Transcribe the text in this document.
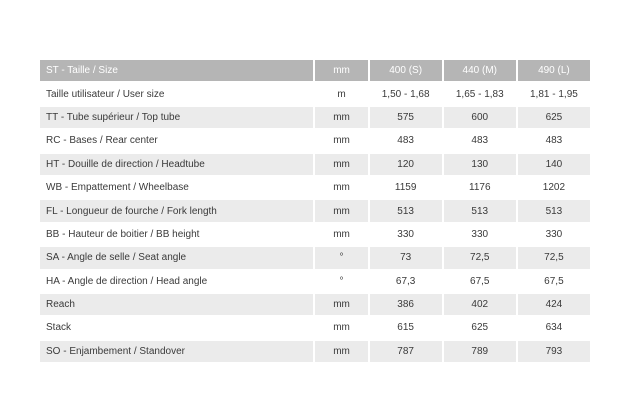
ST - Taille / Size	mm	400 (S)	440 (M)	490 (L)
Taille utilisateur / User size	m	1,50 - 1,68	1,65 - 1,83	1,81 - 1,95
TT - Tube supérieur / Top tube	mm	575	600	625
RC - Bases / Rear center	mm	483	483	483
HT - Douille de direction / Headtube	mm	120	130	140
WB - Empattement / Wheelbase	mm	1159	1176	1202
FL - Longueur de fourche / Fork length	mm	513	513	513
BB - Hauteur de boitier / BB height	mm	330	330	330
SA - Angle de selle / Seat angle	°	73	72,5	72,5
HA - Angle de direction / Head angle	°	67,3	67,5	67,5
Reach	mm	386	402	424
Stack	mm	615	625	634
SO - Enjambement / Standover	mm	787	789	793
